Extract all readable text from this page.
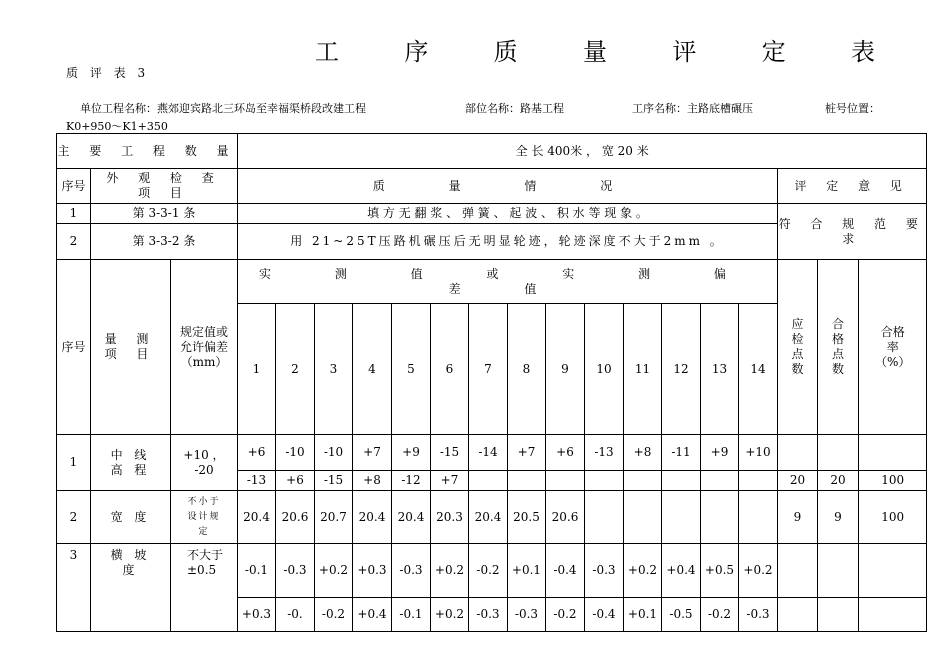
工	序	质	量	评	定	表
质 评 表 3
单位工程名称：燕郊迎宾路北三环岛至幸福渠桥段改建工程	部位名称：路基工程	工序名称：主路底槽碾压	桩号位置：
K0+950～K1+350
主 要 工 程 数 量			全 长 400米 ， 宽 20 米																
序号	外 观 检 查 项 目		质 量 情 况														评 定 意 见		
1	第 3-3-1 条		填 方 无 翻 浆 、 弹 簧 、 起 波 、 积 水 等 现 象 。														符 合 规 范 要 求		
2	第 3-3-2 条		用 21~25T压路机碾压后无明显轮迹，轮迹深度不大于2mm 。																
序号	量 测 项 目	规定值或允许偏差（mm）	实 测 值 或 实 测 偏 差 值														应检点数	合格点数	合格率（%）
			1	2	3	4	5	6	7	8	9	10	11	12	13	14			
1	中 线 高 程	+10 ， -20	+6	-10	-10	+7	+9	-15	-14	+7	+6	-13	+8	-11	+9	+10			
			-13	+6	-15	+8	-12	+7									20	20	100
2	宽 度	不小于设计规定	20.4	20.6	20.7	20.4	20.4	20.3	20.4	20.5	20.6						9	9	100
3	横 坡 度	不大于±0.5	-0.1	-0.3	+0.2	+0.3	-0.3	+0.2	-0.2	+0.1	-0.4	-0.3	+0.2	+0.4	+0.5	+0.2			
			+0.3	-0.	-0.2	+0.4	-0.1	+0.2	-0.3	-0.3	-0.2	-0.4	+0.1	-0.5	-0.2	-0.3			
